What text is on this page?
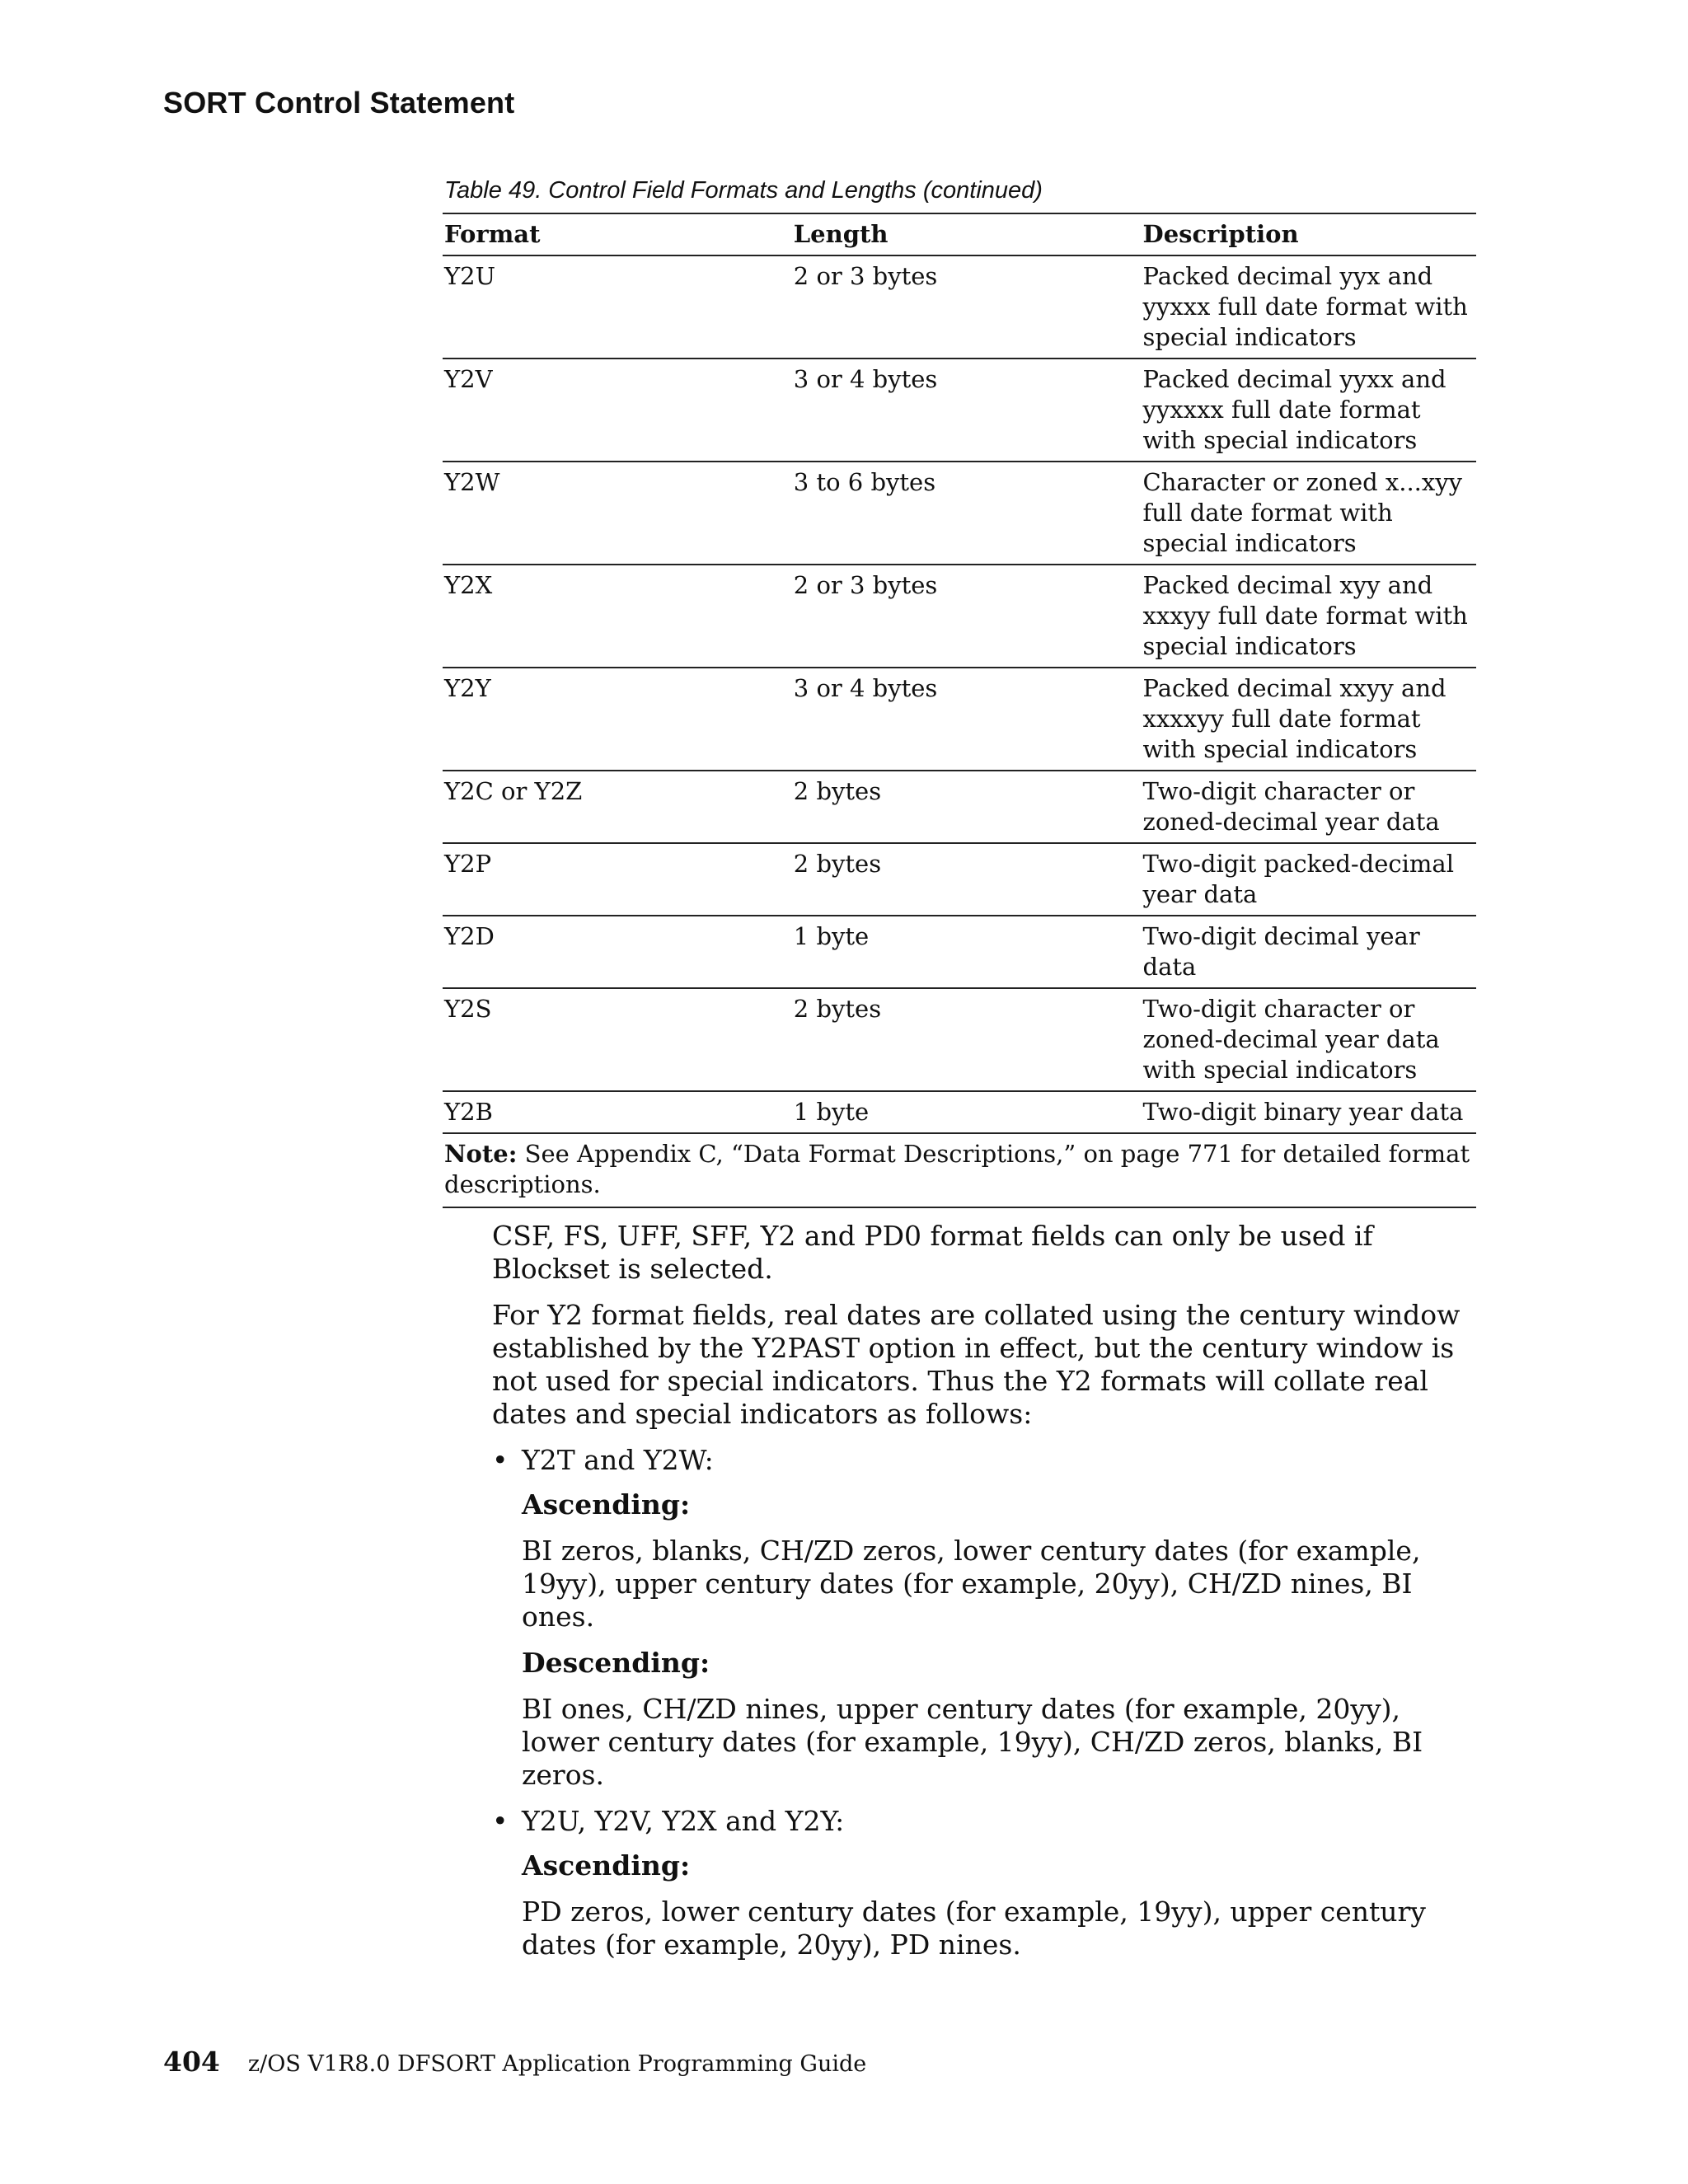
SORT Control Statement
Table 49. Control Field Formats and Lengths (continued)
Format	Length	Description
Y2U	2 or 3 bytes	Packed decimal yyx and yyxxx full date format with special indicators
Y2V	3 or 4 bytes	Packed decimal yyxx and yyxxxx full date format with special indicators
Y2W	3 to 6 bytes	Character or zoned x...xyy full date format with special indicators
Y2X	2 or 3 bytes	Packed decimal xyy and xxxyy full date format with special indicators
Y2Y	3 or 4 bytes	Packed decimal xxyy and xxxxyy full date format with special indicators
Y2C or Y2Z	2 bytes	Two-digit character or zoned-decimal year data
Y2P	2 bytes	Two-digit packed-decimal year data
Y2D	1 byte	Two-digit decimal year data
Y2S	2 bytes	Two-digit character or zoned-decimal year data with special indicators
Y2B	1 byte	Two-digit binary year data
Note: See Appendix C, “Data Format Descriptions,” on page 771 for detailed format descriptions.		

CSF, FS, UFF, SFF, Y2 and PD0 format fields can only be used if Blockset is selected.

For Y2 format fields, real dates are collated using the century window established by the Y2PAST option in effect, but the century window is not used for special indicators. Thus the Y2 formats will collate real dates and special indicators as follows:

• Y2T and Y2W:

Ascending:

BI zeros, blanks, CH/ZD zeros, lower century dates (for example, 19yy), upper century dates (for example, 20yy), CH/ZD nines, BI ones.

Descending:

BI ones, CH/ZD nines, upper century dates (for example, 20yy), lower century dates (for example, 19yy), CH/ZD zeros, blanks, BI zeros.

• Y2U, Y2V, Y2X and Y2Y:

Ascending:

PD zeros, lower century dates (for example, 19yy), upper century dates (for example, 20yy), PD nines.

404 z/OS V1R8.0 DFSORT Application Programming Guide
